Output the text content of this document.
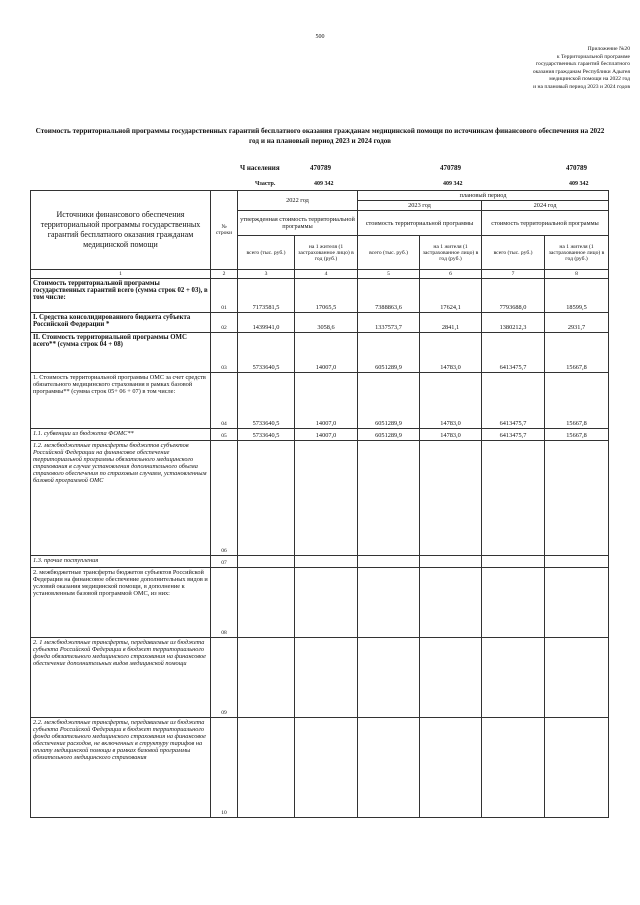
500
Приложение №20
к Территориальной программе
государственных гарантий бесплатного
оказания гражданам Республики Адыгея
медицинской помощи на 2022 год
и на плановый период 2023 и 2024 годов
Стоимость территориальной программы государственных гарантий бесплатного оказания гражданам медицинской помощи по источникам финансового обеспечения на 2022 год и на плановый период 2023 и 2024 годов
Ч населения	470789	470789	470789
Чзастр.	409 342	409 342	409 342
Источники финансового обеспечения территориальной программы государственных гарантий бесплатного оказания гражданам медицинской помощи	№ строки	2022 год		плановый период			
				2023 год		2024 год	
		утвержденная стоимость территориальной программы		стоимость территориальной программы		стоимость территориальной программы	
		всего (тыс. руб.)	на 1 жителя (1 застрахованное лицо) в год (руб.)	всего (тыс. руб.)	на 1 жителя (1 застрахованное лицо) в год (руб.)	всего (тыс. руб.)	на 1 жителя (1 застрахованное лицо) в год (руб.)
1	2	3	4	5	6	7	8
Стоимость территориальной программы государственных гарантий всего (сумма строк 02 + 03), в том числе:	01	7173581,5	17065,5	7388863,6	17624,1	7793688,0	18599,5
I. Средства консолидированного бюджета субъекта Российской Федерации *	02	1439941,0	3058,6	1337573,7	2841,1	1380212,3	2931,7
II. Стоимость территориальной программы ОМС всего** (сумма строк 04 + 08)	03	5733640,5	14007,0	6051289,9	14783,0	6413475,7	15667,8
1. Стоимость территориальной программы ОМС за счет средств обязательного медицинского страхования в рамках базовой программы** (сумма строк 05+ 06 + 07) в том числе:	04	5733640,5	14007,0	6051289,9	14783,0	6413475,7	15667,8
1.1. субвенции из бюджета ФОМС**	05	5733640,5	14007,0	6051289,9	14783,0	6413475,7	15667,8
1.2. межбюджетные трансферты бюджетов субъектов Российской Федерации на финансовое обеспечение территориальной программы обязательного медицинского страхования в случае установления дополнительного объема страхового обеспечения по страховым случаям, установленным базовой программой ОМС	06						
1.3. прочие поступления	07						
2. межбюджетные трансферты бюджетов субъектов Российской Федерации на финансовое обеспечение дополнительных видов и условий оказания медицинской помощи, в дополнение к установленным базовой программой ОМС, из них:	08						
2. 1 межбюджетные трансферты, передаваемые из бюджета субъекта Российской Федерации в бюджет территориального фонда обязательного медицинского страхования на финансовое обеспечение дополнительных видов медицинской помощи	09						
2.2. межбюджетные трансферты, передаваемые из бюджета субъекта Российской Федерации в бюджет территориального фонда обязательного медицинского страхования на финансовое обеспечение расходов, не включенных в структуру тарифов на оплату медицинской помощи в рамках базовой программы обязательного медицинского страхования	10						
